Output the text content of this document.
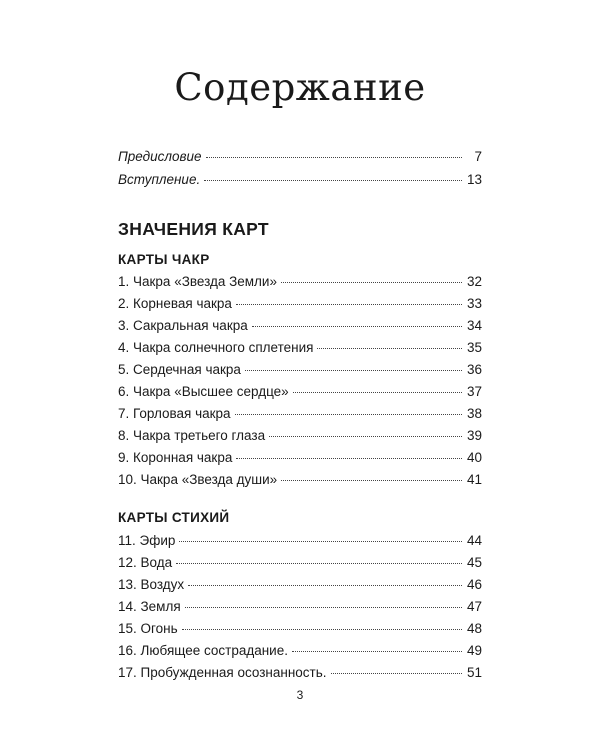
Содержание
Предисловие	7
Вступление.	13
ЗНАЧЕНИЯ КАРТ
КАРТЫ ЧАКР
1. Чакра «Звезда Земли»	32
2. Корневая чакра	33
3. Сакральная чакра	34
4. Чакра солнечного сплетения	35
5. Сердечная чакра	36
6. Чакра «Высшее сердце»	37
7. Горловая чакра	38
8. Чакра третьего глаза	39
9. Коронная чакра	40
10. Чакра «Звезда души»	41
КАРТЫ СТИХИЙ
11. Эфир	44
12. Вода	45
13. Воздух	46
14. Земля	47
15. Огонь	48
16. Любящее сострадание.	49
17. Пробужденная осознанность.	51
3
